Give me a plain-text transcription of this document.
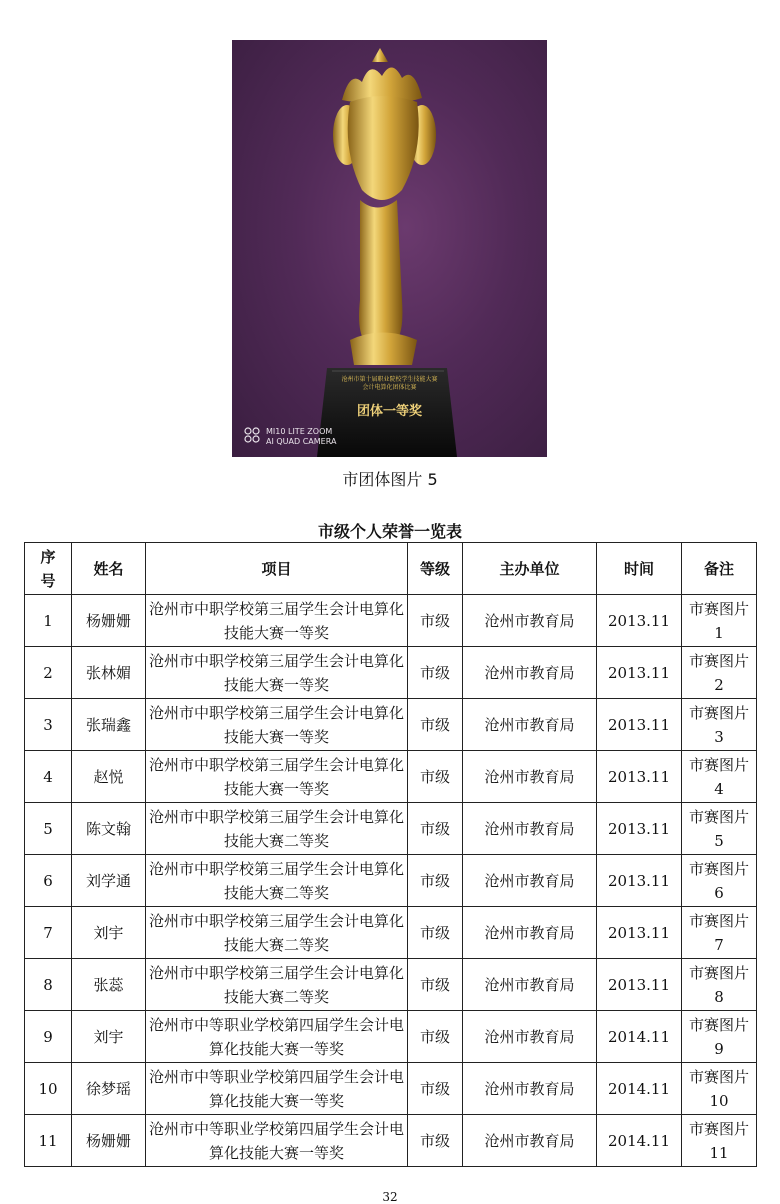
沧州市第十届职业院校学生技能大赛
会计电算化团体比赛
团体一等奖
MI10 LITE ZOOM
AI QUAD CAMERA
市团体图片 5
市级个人荣誉一览表
序号	姓名	项目	等级	主办单位	时间	备注
1	杨姗姗	沧州市中职学校第三届学生会计电算化技能大赛一等奖	市级	沧州市教育局	2013.11	市赛图片 1
2	张林媚	沧州市中职学校第三届学生会计电算化技能大赛一等奖	市级	沧州市教育局	2013.11	市赛图片 2
3	张瑞鑫	沧州市中职学校第三届学生会计电算化技能大赛一等奖	市级	沧州市教育局	2013.11	市赛图片 3
4	赵悦	沧州市中职学校第三届学生会计电算化技能大赛一等奖	市级	沧州市教育局	2013.11	市赛图片 4
5	陈文翰	沧州市中职学校第三届学生会计电算化技能大赛二等奖	市级	沧州市教育局	2013.11	市赛图片 5
6	刘学通	沧州市中职学校第三届学生会计电算化技能大赛二等奖	市级	沧州市教育局	2013.11	市赛图片 6
7	刘宇	沧州市中职学校第三届学生会计电算化技能大赛二等奖	市级	沧州市教育局	2013.11	市赛图片 7
8	张蕊	沧州市中职学校第三届学生会计电算化技能大赛二等奖	市级	沧州市教育局	2013.11	市赛图片 8
9	刘宇	沧州市中等职业学校第四届学生会计电算化技能大赛一等奖	市级	沧州市教育局	2014.11	市赛图片 9
10	徐梦瑶	沧州市中等职业学校第四届学生会计电算化技能大赛一等奖	市级	沧州市教育局	2014.11	市赛图片 10
11	杨姗姗	沧州市中等职业学校第四届学生会计电算化技能大赛一等奖	市级	沧州市教育局	2014.11	市赛图片 11
32
